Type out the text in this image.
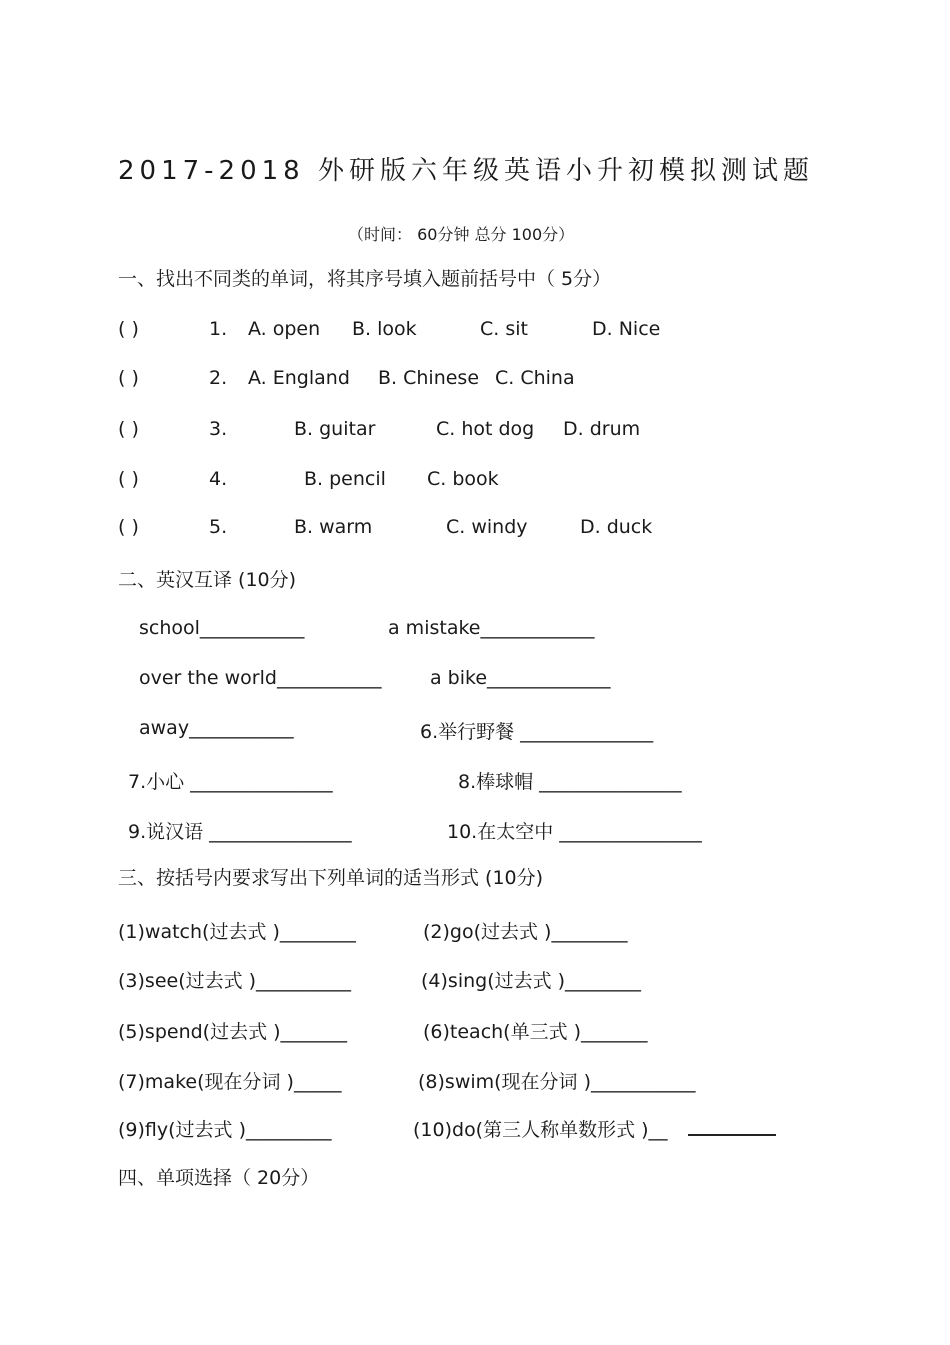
2017-2018 外研版六年级英语小升初模拟测试题
（时间： 60分钟 总分 100分）
一、找出不同类的单词，将其序号填入题前括号中（ 5分）
( )	1. A. open B. look	C. sit	D. Nice
( )	2. A. England B. Chinese C. China
( )	3.	B. guitar	C. hot dog D. drum
( )	4.	B. pencil C. book
( )	5.	B. warm	C. windy	D. duck
二、英汉互译 (10分)
school___________	a mistake____________
over the world___________	a bike_____________
away___________	6.举行野餐 ______________
7.小心 _______________	8.棒球帽 _______________
9.说汉语 _______________	10.在太空中 _______________
三、按括号内要求写出下列单词的适当形式 (10分)
(1)watch(过去式 )________	(2)go(过去式 )________
(3)see(过去式 )__________	(4)sing(过去式 )________
(5)spend(过去式 )_______	(6)teach(单三式 )_______
(7)make(现在分词 )_____	(8)swim(现在分词 )___________
(9)fly(过去式 )_________	(10)do(第三人称单数形式 )__
四、单项选择（ 20分）
